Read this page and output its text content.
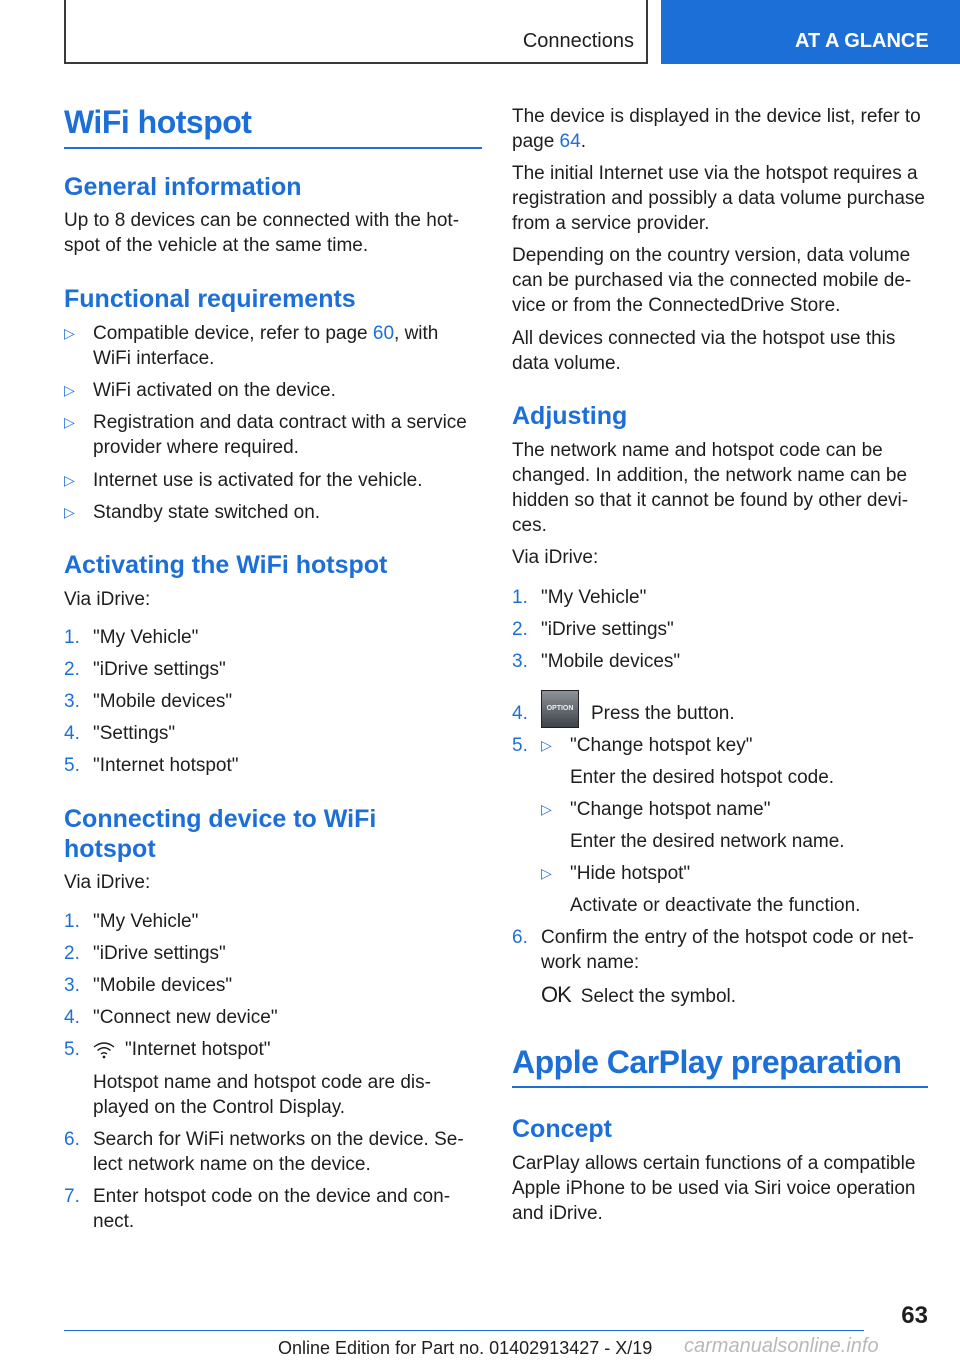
Connections	AT A GLANCE
WiFi hotspot
General information

Up to 8 devices can be connected with the hot-
spot of the vehicle at the same time.

Functional requirements
▷ Compatible device, refer to page 60, with
WiFi interface.
▷ WiFi activated on the device.
▷ Registration and data contract with a service
provider where required.
▷ Internet use is activated for the vehicle.
▷ Standby state switched on.
Activating the WiFi hotspot

Via iDrive:

1. "My Vehicle"
2. "iDrive settings"
3. "Mobile devices"
4. "Settings"
5. "Internet hotspot"
Connecting device to WiFi
hotspot

Via iDrive:

1. "My Vehicle"
2. "iDrive settings"
3. "Mobile devices"
4. "Connect new device"
5.	"Internet hotspot"

Hotspot name and hotspot code are dis-
played on the Control Display.

6. Search for WiFi networks on the device. Se-
lect network name on the device.
7. Enter hotspot code on the device and con-
nect.

The device is displayed in the device list, refer to
page 64.

The initial Internet use via the hotspot requires a
registration and possibly a data volume purchase
from a service provider.

Depending on the country version, data volume
can be purchased via the connected mobile de-
vice or from the ConnectedDrive Store.

All devices connected via the hotspot use this
data volume.

Adjusting

The network name and hotspot code can be
changed. In addition, the network name can be
hidden so that it cannot be found by other devi-
ces.

Via iDrive:

1. "My Vehicle"
2. "iDrive settings"
3. "Mobile devices"
4.	OPTION Press the button.
5. ▷ "Change hotspot key"

Enter the desired hotspot code.

▷ "Change hotspot name"

Enter the desired network name.

▷ "Hide hotspot"

Activate or deactivate the function.

6. Confirm the entry of the hotspot code or net-
work name:

OK Select the symbol.

Apple CarPlay preparation
Concept

CarPlay allows certain functions of a compatible
Apple iPhone to be used via Siri voice operation
and iDrive.

63
Online Edition for Part no. 01402913427 - X/19 carmanualsonline.info
